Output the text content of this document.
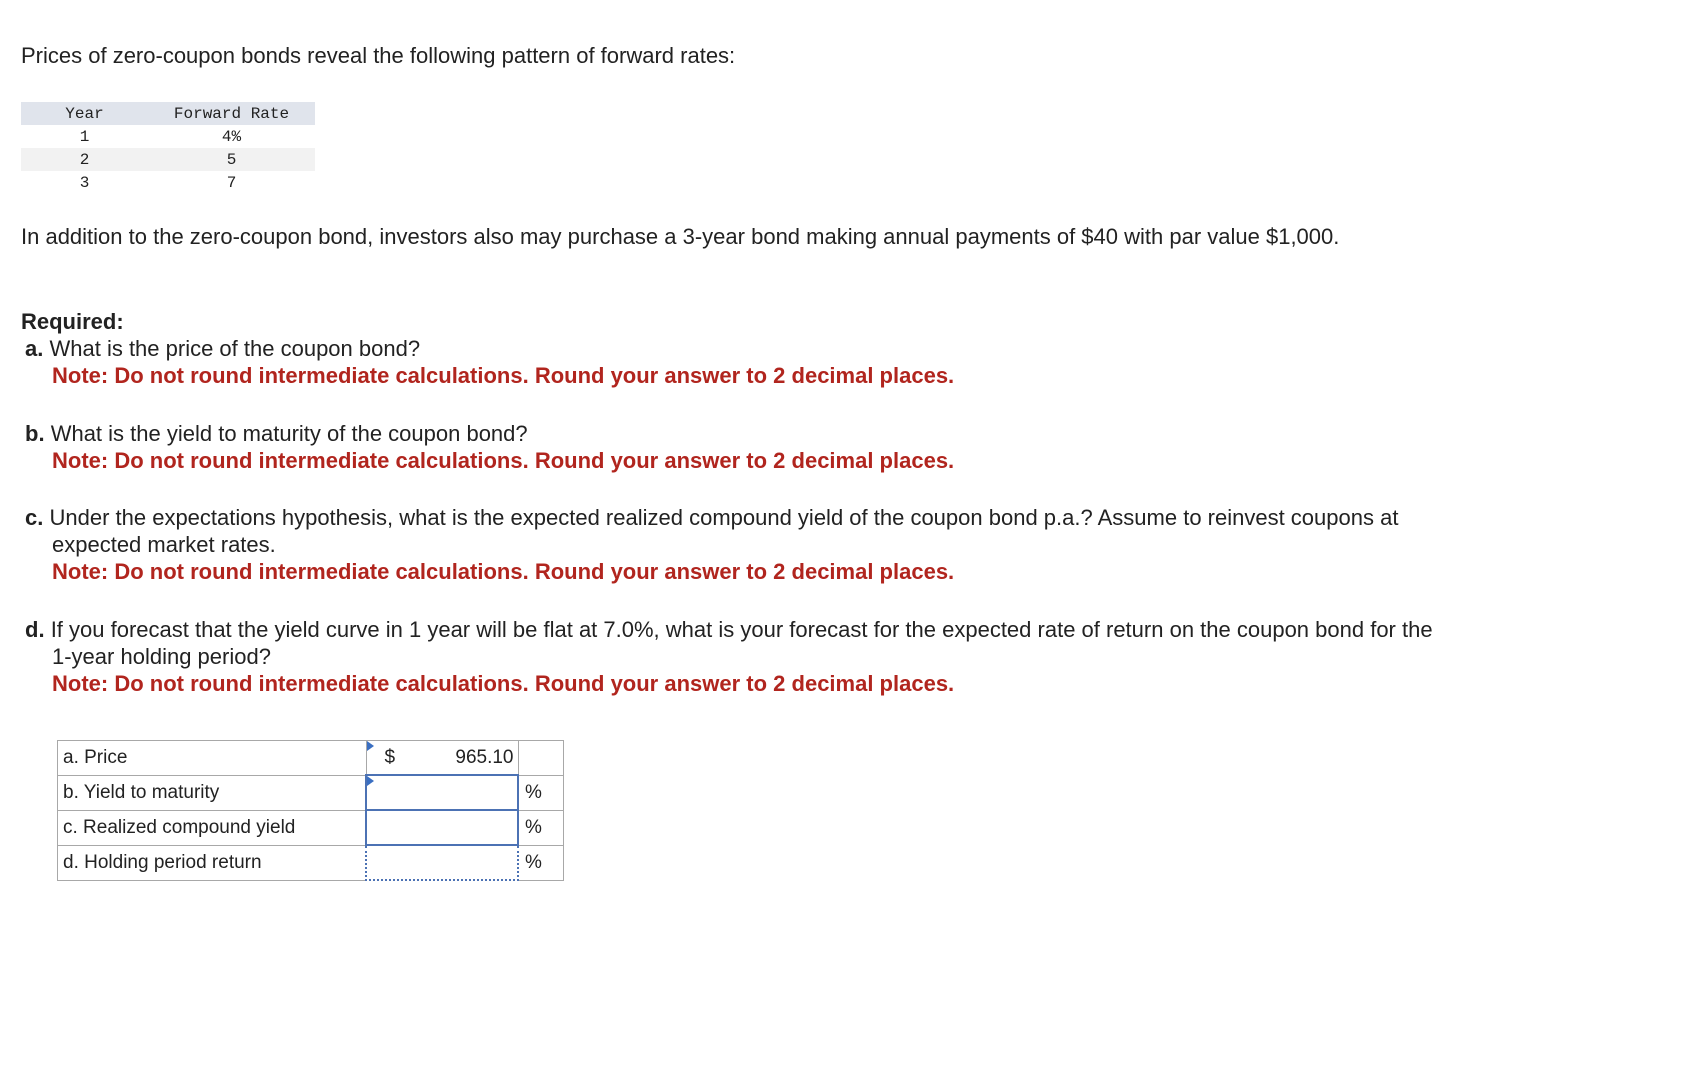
Prices of zero-coupon bonds reveal the following pattern of forward rates:

Year	Forward Rate
1	4%
2	5
3	7

In addition to the zero-coupon bond, investors also may purchase a 3-year bond making annual payments of $40 with par value $1,000.

Required:
a. What is the price of the coupon bond?
Note: Do not round intermediate calculations. Round your answer to 2 decimal places.
b. What is the yield to maturity of the coupon bond?
Note: Do not round intermediate calculations. Round your answer to 2 decimal places.
c. Under the expectations hypothesis, what is the expected realized compound yield of the coupon bond p.a.? Assume to reinvest coupons at expected market rates.
Note: Do not round intermediate calculations. Round your answer to 2 decimal places.
d. If you forecast that the yield curve in 1 year will be flat at 7.0%, what is your forecast for the expected rate of return on the coupon bond for the 1-year holding period?
Note: Do not round intermediate calculations. Round your answer to 2 decimal places.
a. Price	$ 965.10	

b. Yield to maturity		%
c. Realized compound yield		%
d. Holding period return		%
